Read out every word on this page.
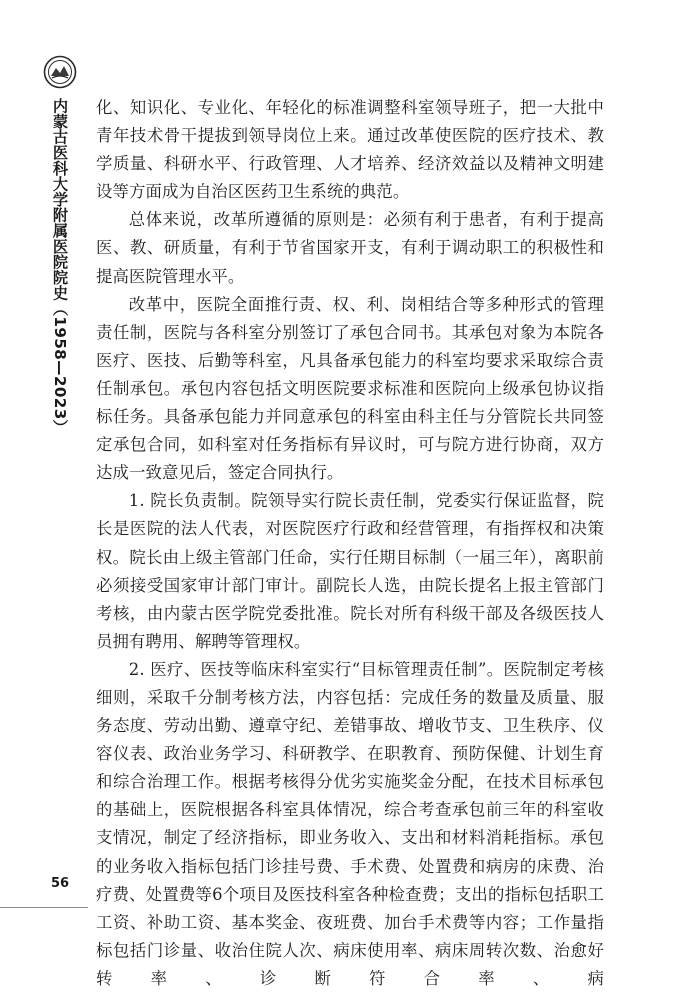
内蒙古医科大学附属医院院史（1958—2023）
56

化、知识化、专业化、年轻化的标准调整科室领导班子，把一大批中青年技术骨干提拔到领导岗位上来。通过改革使医院的医疗技术、教学质量、科研水平、行政管理、人才培养、经济效益以及精神文明建设等方面成为自治区医药卫生系统的典范。

总体来说，改革所遵循的原则是：必须有利于患者，有利于提高医、教、研质量，有利于节省国家开支，有利于调动职工的积极性和提高医院管理水平。

改革中，医院全面推行责、权、利、岗相结合等多种形式的管理责任制，医院与各科室分别签订了承包合同书。其承包对象为本院各医疗、医技、后勤等科室，凡具备承包能力的科室均要求采取综合责任制承包。承包内容包括文明医院要求标准和医院向上级承包协议指标任务。具备承包能力并同意承包的科室由科主任与分管院长共同签定承包合同，如科室对任务指标有异议时，可与院方进行协商，双方达成一致意见后，签定合同执行。

1. 院长负责制。院领导实行院长责任制，党委实行保证监督，院长是医院的法人代表，对医院医疗行政和经营管理，有指挥权和决策权。院长由上级主管部门任命，实行任期目标制（一届三年），离职前必须接受国家审计部门审计。副院长人选，由院长提名上报主管部门考核，由内蒙古医学院党委批准。院长对所有科级干部及各级医技人员拥有聘用、解聘等管理权。

2. 医疗、医技等临床科室实行“目标管理责任制”。医院制定考核细则，采取千分制考核方法，内容包括：完成任务的数量及质量、服务态度、劳动出勤、遵章守纪、差错事故、增收节支、卫生秩序、仪容仪表、政治业务学习、科研教学、在职教育、预防保健、计划生育和综合治理工作。根据考核得分优劣实施奖金分配，在技术目标承包的基础上，医院根据各科室具体情况，综合考查承包前三年的科室收支情况，制定了经济指标，即业务收入、支出和材料消耗指标。承包的业务收入指标包括门诊挂号费、手术费、处置费和病房的床费、治疗费、处置费等6个项目及医技科室各种检查费；支出的指标包括职工工资、补助工资、基本奖金、夜班费、加台手术费等内容；工作量指标包括门诊量、收治住院人次、病床使用率、病床周转次数、治愈好转率、诊断符合率、病
